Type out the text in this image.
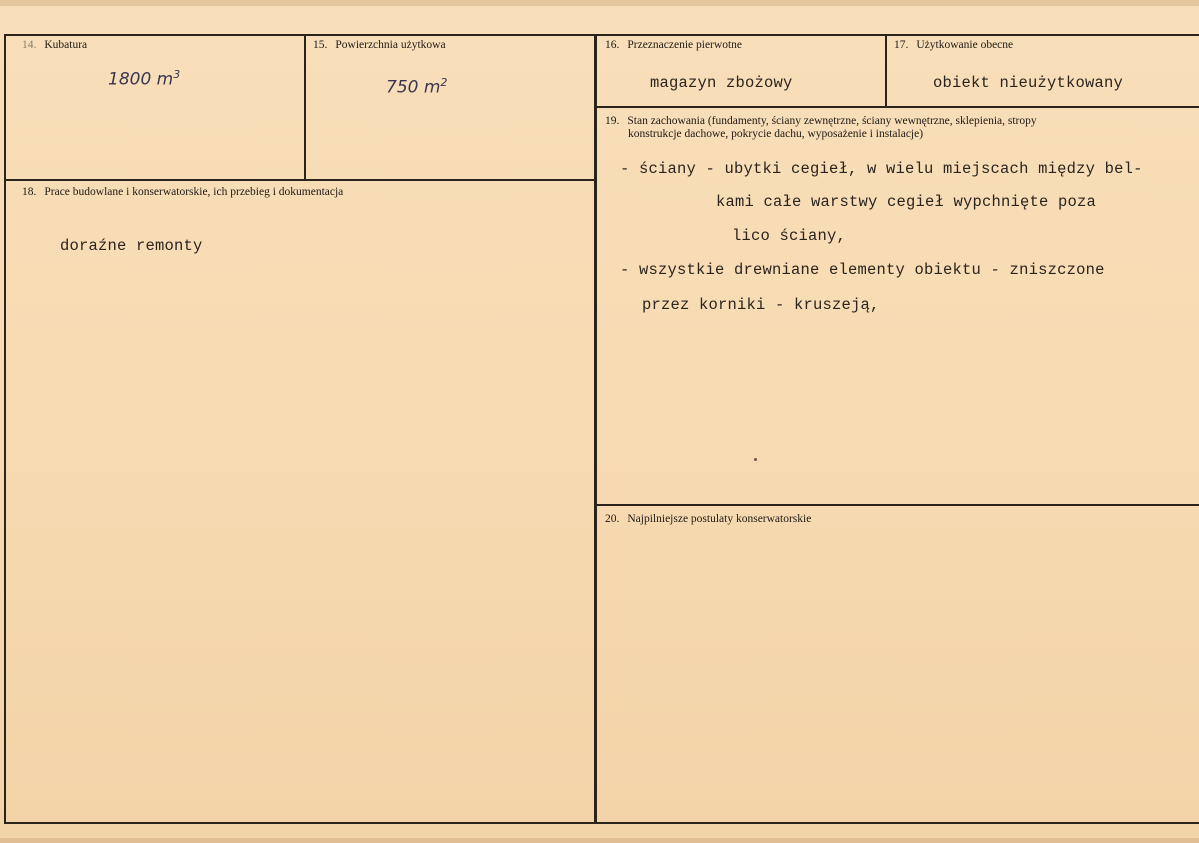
14. Kubatura
1800 $m^3$
15. Powierzchnia użytkowa
750 $m^2$
16. Przeznaczenie pierwotne
magazyn zbożowy
17. Użytkowanie obecne
obiekt nieużytkowany
18. Prace budowlane i konserwatorskie, ich przebieg i dokumentacja
doraźne remonty
19. Stan zachowania (fundamenty, ściany zewnętrzne, ściany wewnętrzne, sklepienia, stropy
konstrukcje dachowe, pokrycie dachu, wyposażenie i instalacje)
- ściany - ubytki cegieł, w wielu miejscach między bel-
kami całe warstwy cegieł wypchnięte poza
lico ściany,
- wszystkie drewniane elementy obiektu - zniszczone
przez korniki - kruszeją,
20. Najpilniejsze postulaty konserwatorskie
